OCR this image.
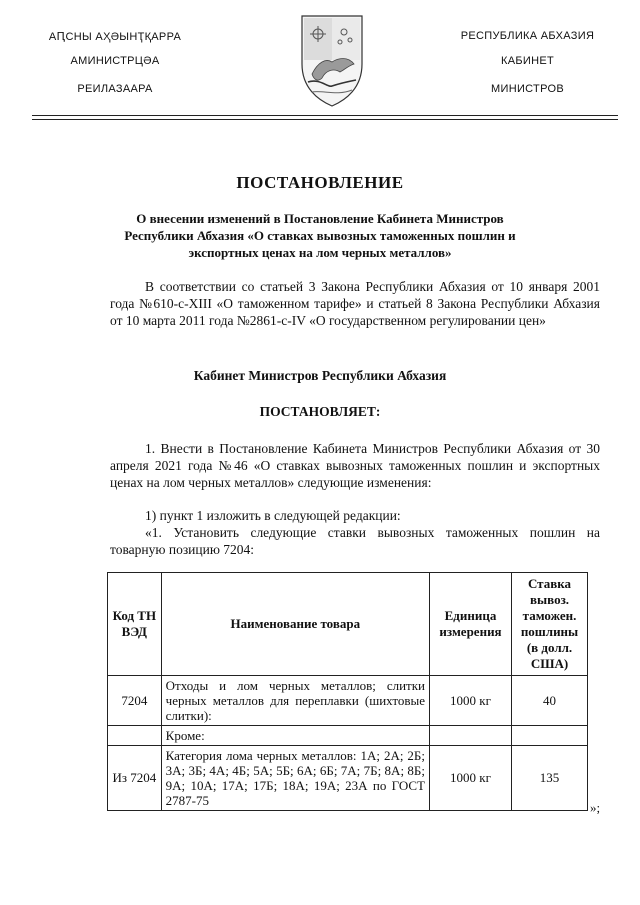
АԤСНЫ АҲӘЫНҬҚАРРА
АМИНИСТРЦӘА
РЕИЛАЗААРА
РЕСПУБЛИКА АБХАЗИЯ
КАБИНЕТ
МИНИСТРОВ
ПОСТАНОВЛЕНИЕ
О внесении изменений в Постановление Кабинета Министров Республики Абхазия «О ставках вывозных таможенных пошлин и экспортных ценах на лом черных металлов»
В соответствии со статьей 3 Закона Республики Абхазия от 10 января 2001 года №610-с-XIII «О таможенном тарифе» и статьей 8 Закона Республики Абхазия от 10 марта 2011 года №2861-с-IV «О государственном регулировании цен»
Кабинет Министров Республики Абхазия
ПОСТАНОВЛЯЕТ:
1. Внести в Постановление Кабинета Министров Республики Абхазия от 30 апреля 2021 года №46 «О ставках вывозных таможенных пошлин и экспортных ценах на лом черных металлов» следующие изменения:
1) пункт 1 изложить в следующей редакции:
«1. Установить следующие ставки вывозных таможенных пошлин на товарную позицию 7204:
Код ТН ВЭД	Наименование товара	Единица измерения	Ставка вывоз. таможен. пошлины (в долл. США)
7204	Отходы и лом черных металлов; слитки черных металлов для переплавки (шихтовые слитки):	1000 кг	40
	Кроме:		
Из 7204	Категория лома черных металлов: 1А; 2А; 2Б; 3А; 3Б; 4А; 4Б; 5А; 5Б; 6А; 6Б; 7А; 7Б; 8А; 8Б; 9А; 10А; 17А; 17Б; 18А; 19А; 23А по ГОСТ 2787-75	1000 кг	135
»;
